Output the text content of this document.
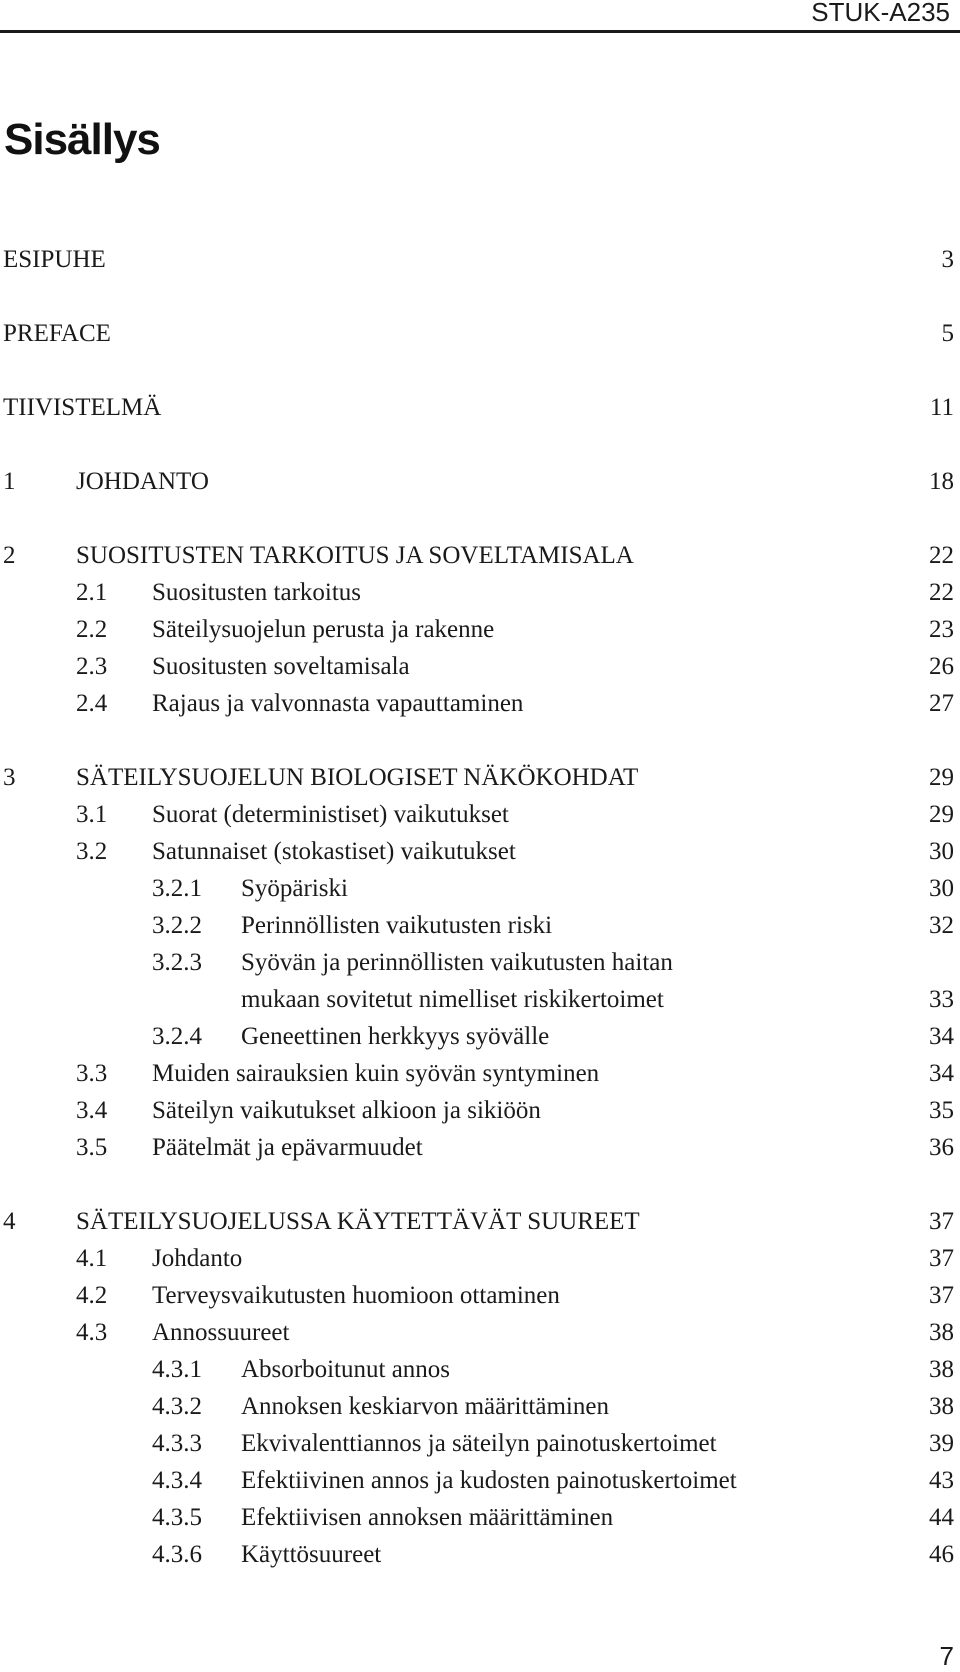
STUK-A235
Sisällys
ESIPUHE	3
PREFACE	5
TIIVISTELMÄ	11
1 JOHDANTO	18
2 SUOSITUSTEN TARKOITUS JA SOVELTAMISALA	22
2.1 Suositusten tarkoitus	22
2.2 Säteilysuojelun perusta ja rakenne	23
2.3 Suositusten soveltamisala	26
2.4 Rajaus ja valvonnasta vapauttaminen	27
3 SÄTEILYSUOJELUN BIOLOGISET NÄKÖKOHDAT	29
3.1 Suorat (deterministiset) vaikutukset	29
3.2 Satunnaiset (stokastiset) vaikutukset	30
3.2.1 Syöpäriski	30
3.2.2 Perinnöllisten vaikutusten riski	32
3.2.3 Syövän ja perinnöllisten vaikutusten haitan
mukaan sovitetut nimelliset riskikertoimet	33
3.2.4 Geneettinen herkkyys syövälle	34
3.3 Muiden sairauksien kuin syövän syntyminen	34
3.4 Säteilyn vaikutukset alkioon ja sikiöön	35
3.5 Päätelmät ja epävarmuudet	36
4 SÄTEILYSUOJELUSSA KÄYTETTÄVÄT SUUREET	37
4.1 Johdanto	37
4.2 Terveysvaikutusten huomioon ottaminen	37
4.3 Annossuureet	38
4.3.1 Absorboitunut annos	38
4.3.2 Annoksen keskiarvon määrittäminen	38
4.3.3 Ekvivalenttiannos ja säteilyn painotuskertoimet	39
4.3.4 Efektiivinen annos ja kudosten painotuskertoimet	43
4.3.5 Efektiivisen annoksen määrittäminen	44
4.3.6 Käyttösuureet	46
7
